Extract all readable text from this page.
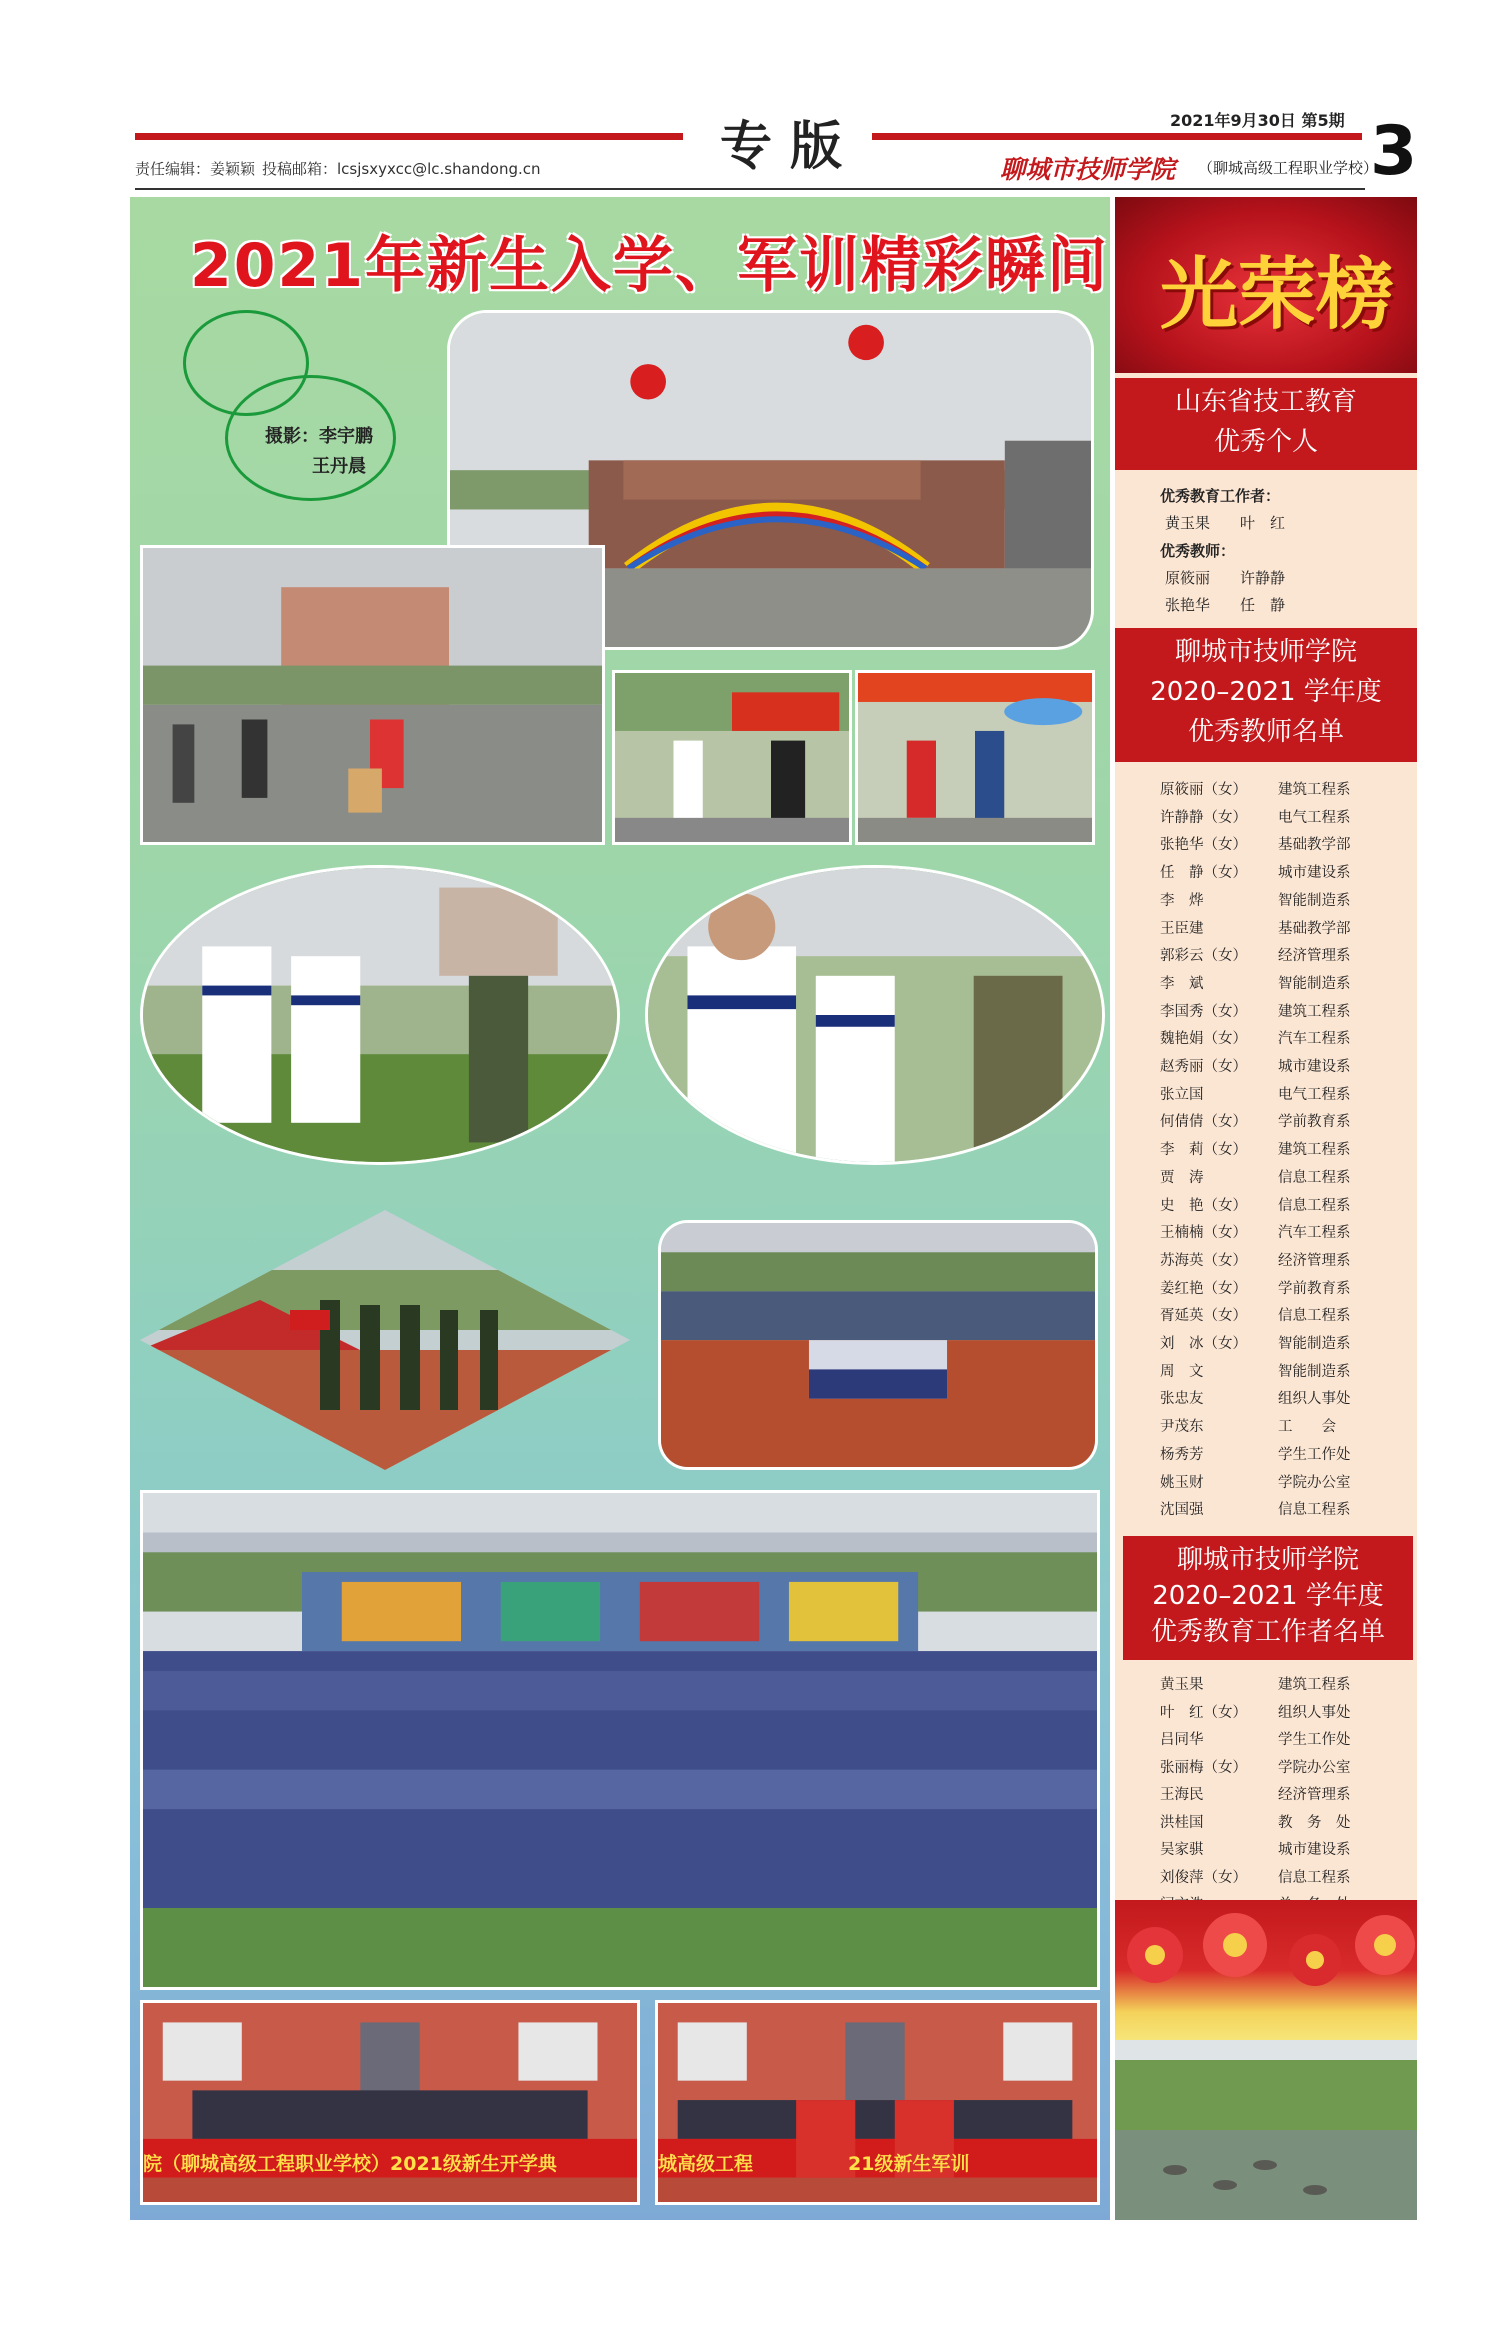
专版	2021年9月30日 第5期 3
责任编辑：姜颖颖 投稿邮箱：lcsjsxyxcc@lc.shandong.cn	聊城市技师学院 （聊城高级工程职业学校）
2021年新生入学、军训精彩瞬间
摄影：李宇鹏
王丹晨
院（聊城高级工程职业学校）2021级新生开学典	城高级工程　　　　　21级新生军训
光荣榜
山东省技工教育
优秀个人
优秀教育工作者：
黄玉果　　叶　红
优秀教师：
原筱丽　　许静静
张艳华　　任　静
聊城市技师学院
2020–2021 学年度
优秀教师名单
原筱丽（女） 建筑工程系
许静静（女） 电气工程系
张艳华（女） 基础教学部
任　静（女） 城市建设系
李　烨	智能制造系
王臣建	基础教学部
郭彩云（女） 经济管理系
李　斌	智能制造系
李国秀（女） 建筑工程系
魏艳娟（女） 汽车工程系
赵秀丽（女） 城市建设系
张立国	电气工程系
何倩倩（女） 学前教育系
李　莉（女） 建筑工程系
贾　涛	信息工程系
史　艳（女） 信息工程系
王楠楠（女） 汽车工程系
苏海英（女） 经济管理系
姜红艳（女） 学前教育系
胥延英（女） 信息工程系
刘　冰（女） 智能制造系
周　文	智能制造系
张忠友	组织人事处
尹茂东	工　　会
杨秀芳	学生工作处
姚玉财	学院办公室
沈国强	信息工程系
聊城市技师学院
2020–2021 学年度
优秀教育工作者名单
黄玉果	建筑工程系
叶　红（女） 组织人事处
吕同华	学生工作处
张丽梅（女） 学院办公室
王海民	经济管理系
洪桂国	教　务　处
吴家骐	城市建设系
刘俊萍（女） 信息工程系
